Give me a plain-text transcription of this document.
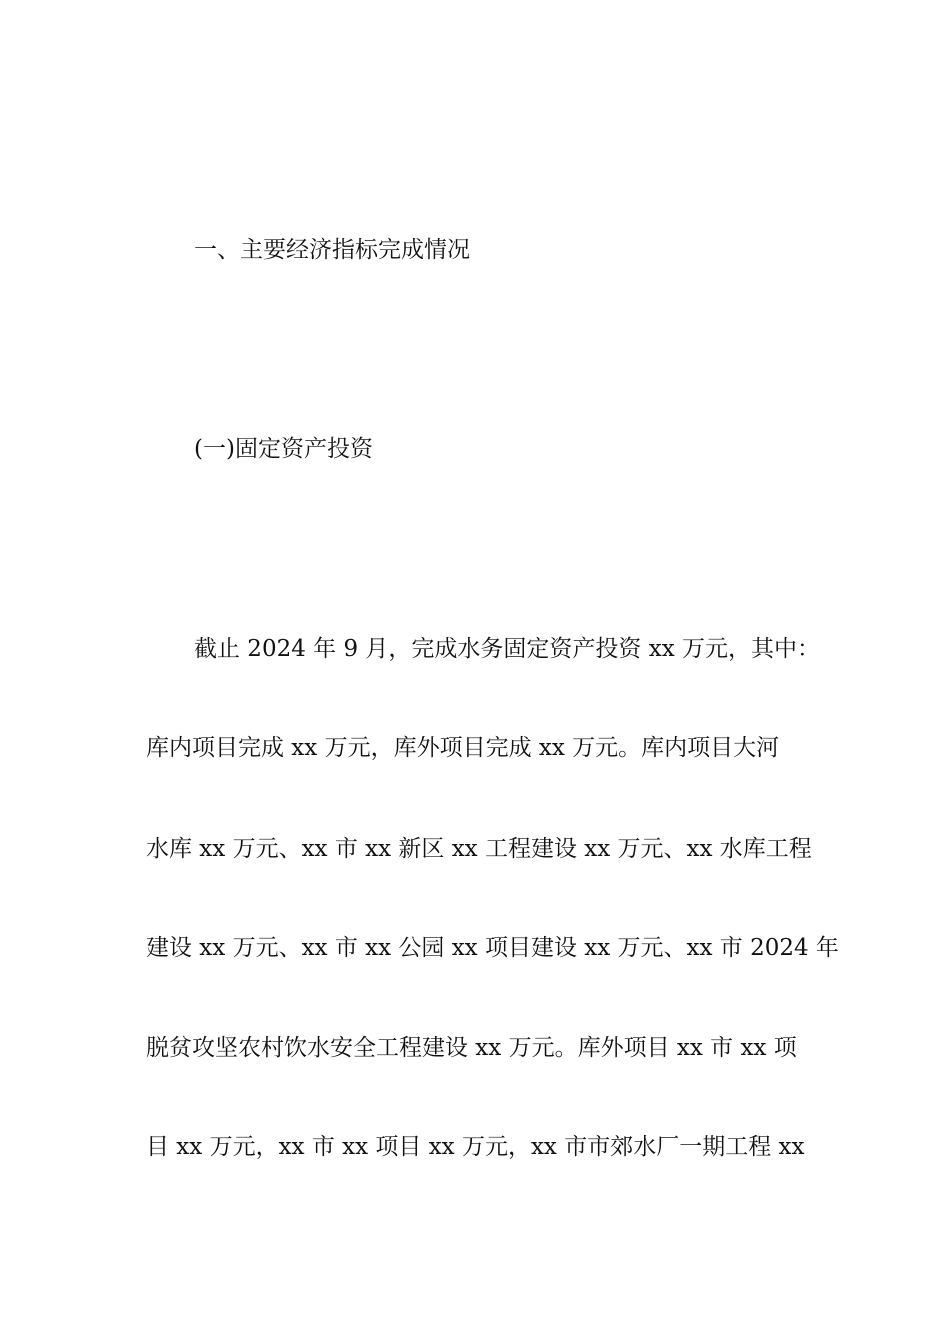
一、主要经济指标完成情况
(一)固定资产投资

截止 2024 年 9 月，完成水务固定资产投资 xx 万元，其中：

库内项目完成 xx 万元，库外项目完成 xx 万元。库内项目大河

水库 xx 万元、xx 市 xx 新区 xx 工程建设 xx 万元、xx 水库工程

建设 xx 万元、xx 市 xx 公园 xx 项目建设 xx 万元、xx 市 2024 年

脱贫攻坚农村饮水安全工程建设 xx 万元。库外项目 xx 市 xx 项

目 xx 万元，xx 市 xx 项目 xx 万元，xx 市市郊水厂一期工程 xx
